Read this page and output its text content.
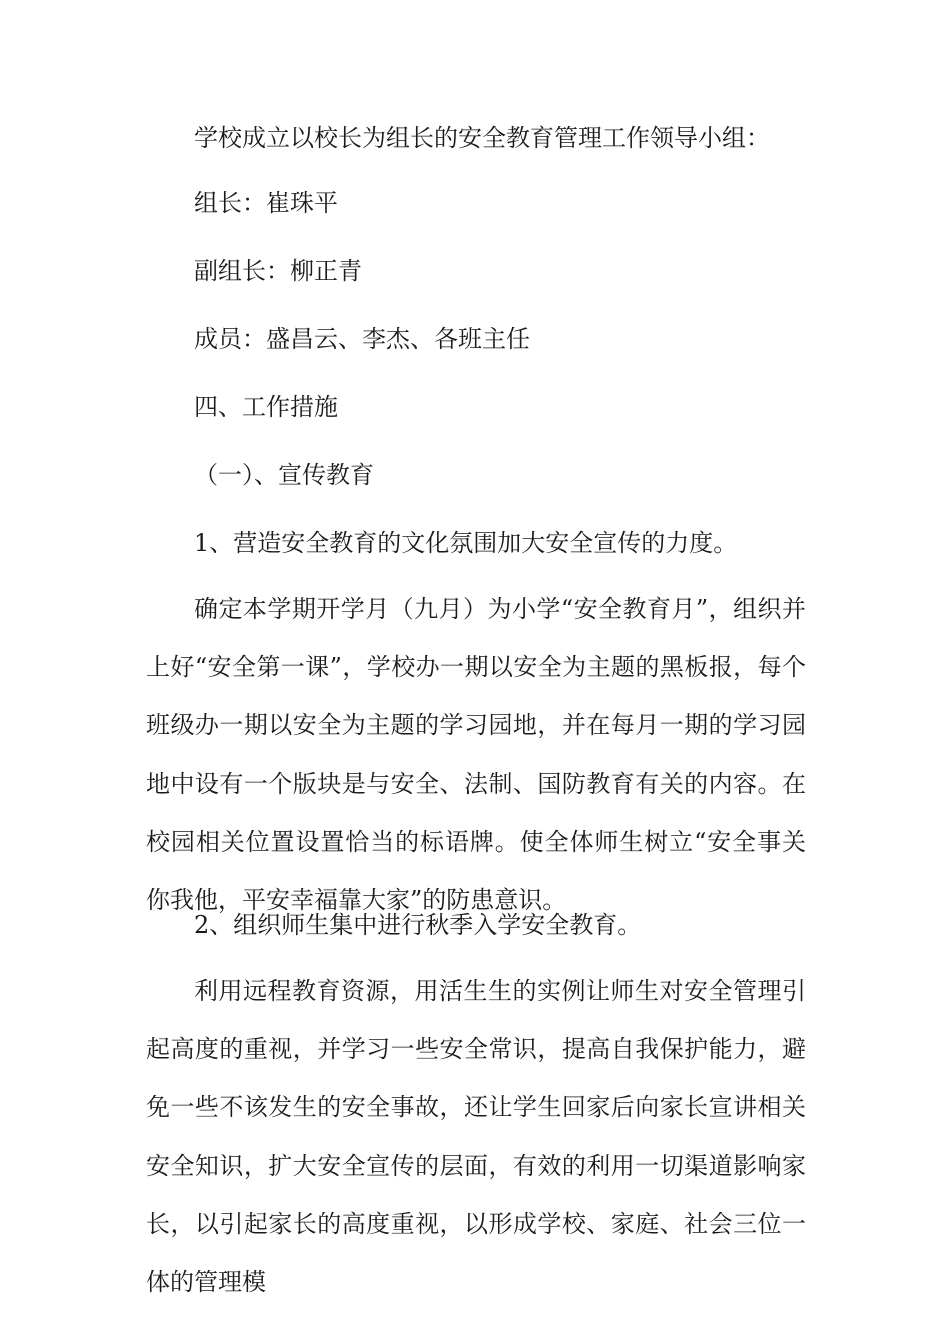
学校成立以校长为组长的安全教育管理工作领导小组：

组长：崔珠平

副组长：柳正青

成员：盛昌云、李杰、各班主任

四、工作措施

（一）、宣传教育

1、营造安全教育的文化氛围加大安全宣传的力度。

确定本学期开学月（九月）为小学“安全教育月”，组织并上好“安全第一课”，学校办一期以安全为主题的黑板报，每个班级办一期以安全为主题的学习园地，并在每月一期的学习园地中设有一个版块是与安全、法制、国防教育有关的内容。在校园相关位置设置恰当的标语牌。使全体师生树立“安全事关你我他，平安幸福靠大家”的防患意识。

2、组织师生集中进行秋季入学安全教育。

利用远程教育资源，用活生生的实例让师生对安全管理引起高度的重视，并学习一些安全常识，提高自我保护能力，避免一些不该发生的安全事故，还让学生回家后向家长宣讲相关安全知识，扩大安全宣传的层面，有效的利用一切渠道影响家长，以引起家长的高度重视，以形成学校、家庭、社会三位一体的管理模
